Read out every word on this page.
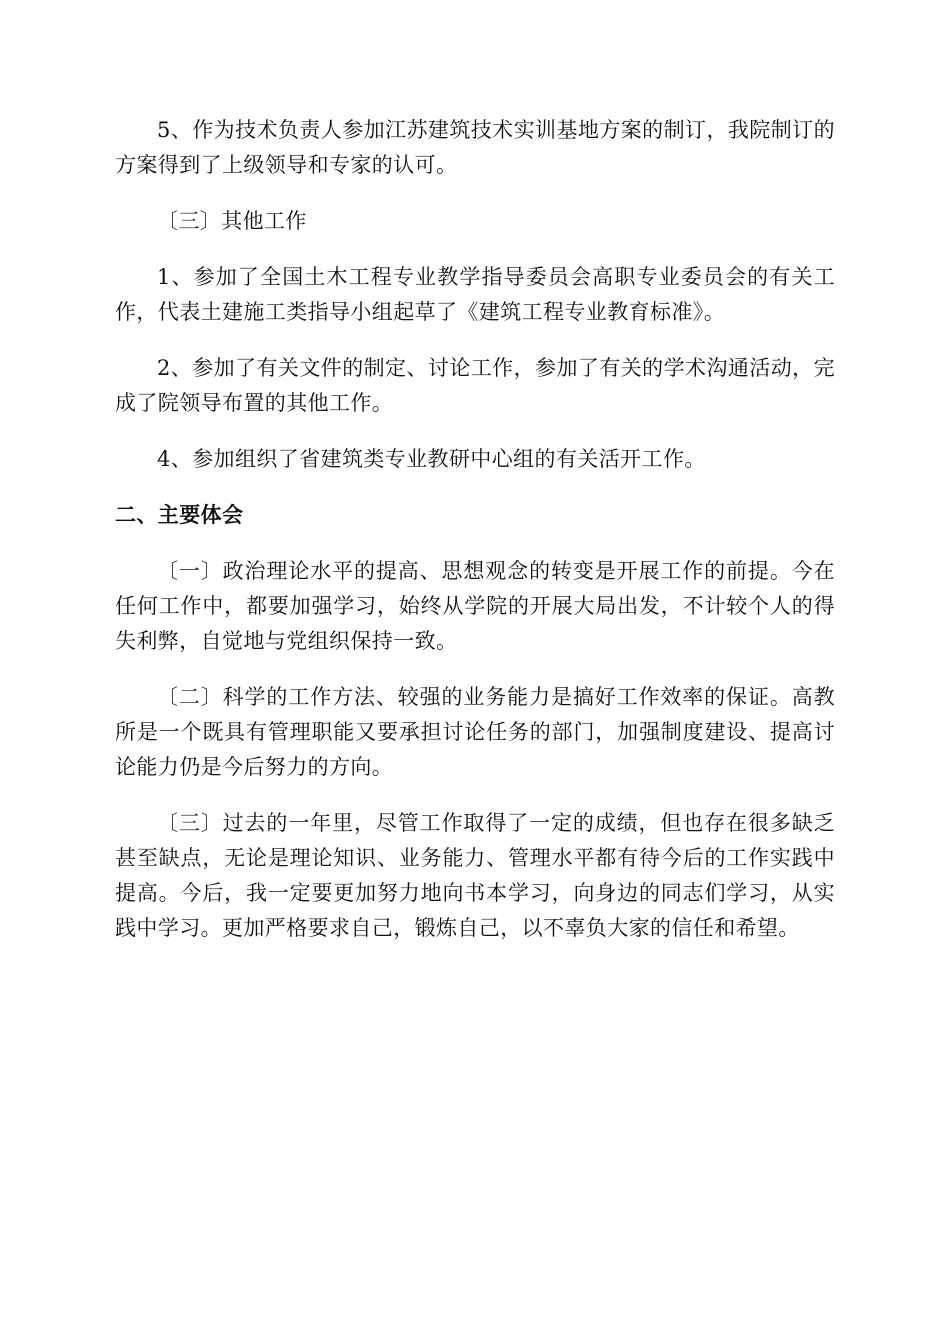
5、作为技术负责人参加江苏建筑技术实训基地方案的制订，我院制订的方案得到了上级领导和专家的认可。

〔三〕其他工作

1、参加了全国土木工程专业教学指导委员会高职专业委员会的有关工作，代表土建施工类指导小组起草了《建筑工程专业教育标准》。

2、参加了有关文件的制定、讨论工作，参加了有关的学术沟通活动，完成了院领导布置的其他工作。

4、参加组织了省建筑类专业教研中心组的有关活开工作。

二、主要体会

〔一〕政治理论水平的提高、思想观念的转变是开展工作的前提。今在任何工作中，都要加强学习，始终从学院的开展大局出发，不计较个人的得失利弊，自觉地与党组织保持一致。

〔二〕科学的工作方法、较强的业务能力是搞好工作效率的保证。高教所是一个既具有管理职能又要承担讨论任务的部门，加强制度建设、提高讨论能力仍是今后努力的方向。

〔三〕过去的一年里，尽管工作取得了一定的成绩，但也存在很多缺乏甚至缺点，无论是理论知识、业务能力、管理水平都有待今后的工作实践中提高。今后，我一定要更加努力地向书本学习，向身边的同志们学习，从实践中学习。更加严格要求自己，锻炼自己，以不辜负大家的信任和希望。
